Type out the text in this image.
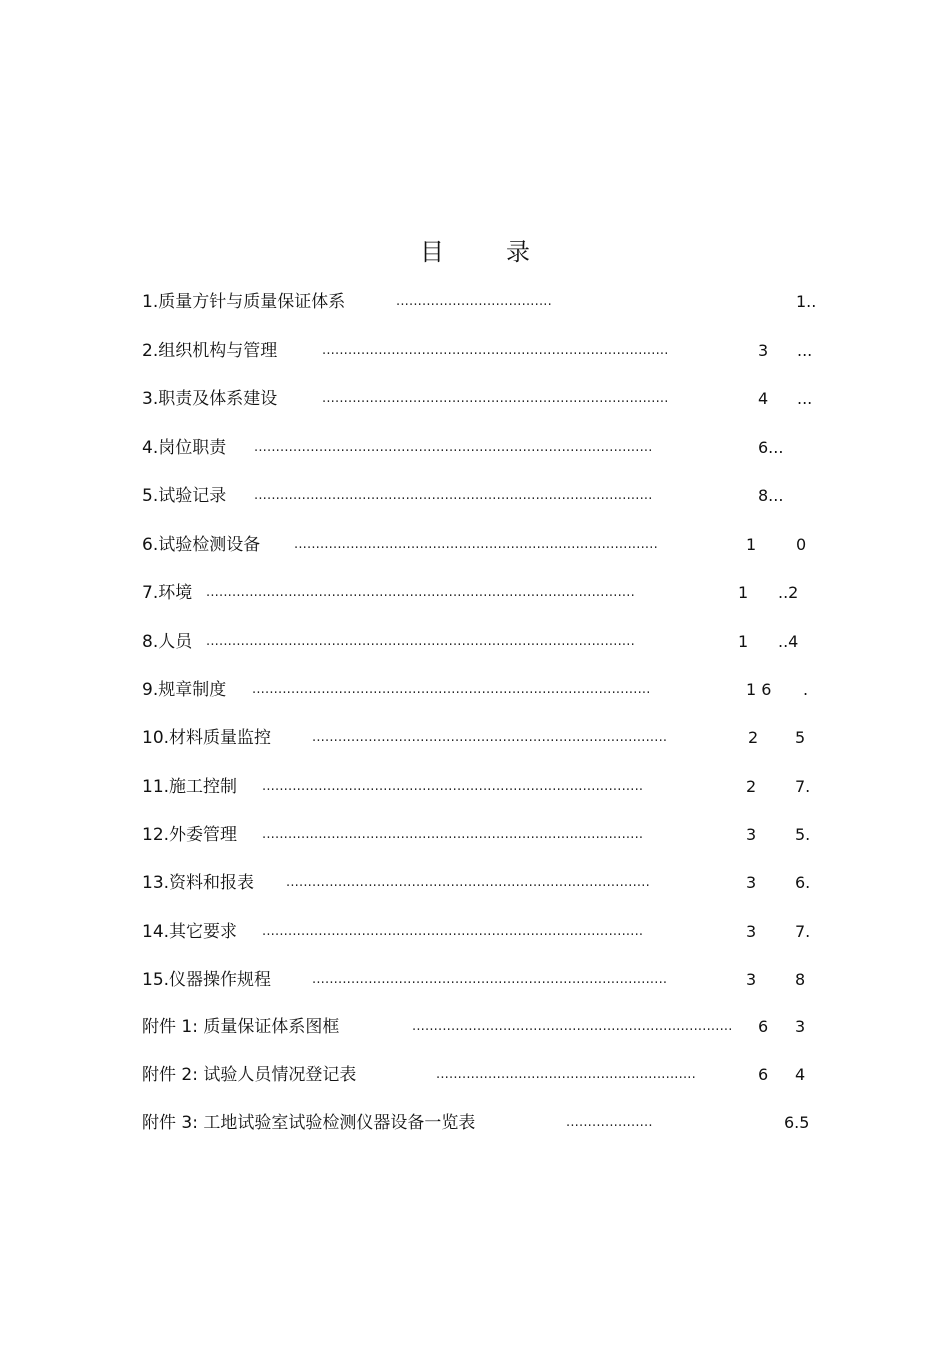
目	录
1.质量方针与质量保证体系	....................................	1..
2.组织机构与管理	................................................................................	3 ...
3.职责及体系建设	................................................................................	4 ...
4.岗位职责 ............................................................................................	6...
5.试验记录 ............................................................................................	8...
6.试验检测设备	....................................................................................	1 0
7.环境 ...................................................................................................	1 ..2
8.人员 ...................................................................................................	1 ..4
9.规章制度 ............................................................................................	1 6 .
10.材料质量监控	..................................................................................	2 5
11.施工控制 ........................................................................................	2 7.
12.外委管理 ........................................................................................	3 5.
13.资料和报表 ....................................................................................	3 6.
14.其它要求 ........................................................................................	3 7.
15.仪器操作规程	..................................................................................	3 8
附件 1: 质量保证体系图框	..........................................................................	6 3
附件 2: 试验人员情况登记表	............................................................	6 4
附件 3: 工地试验室试验检测仪器设备一览表	....................	6.5
